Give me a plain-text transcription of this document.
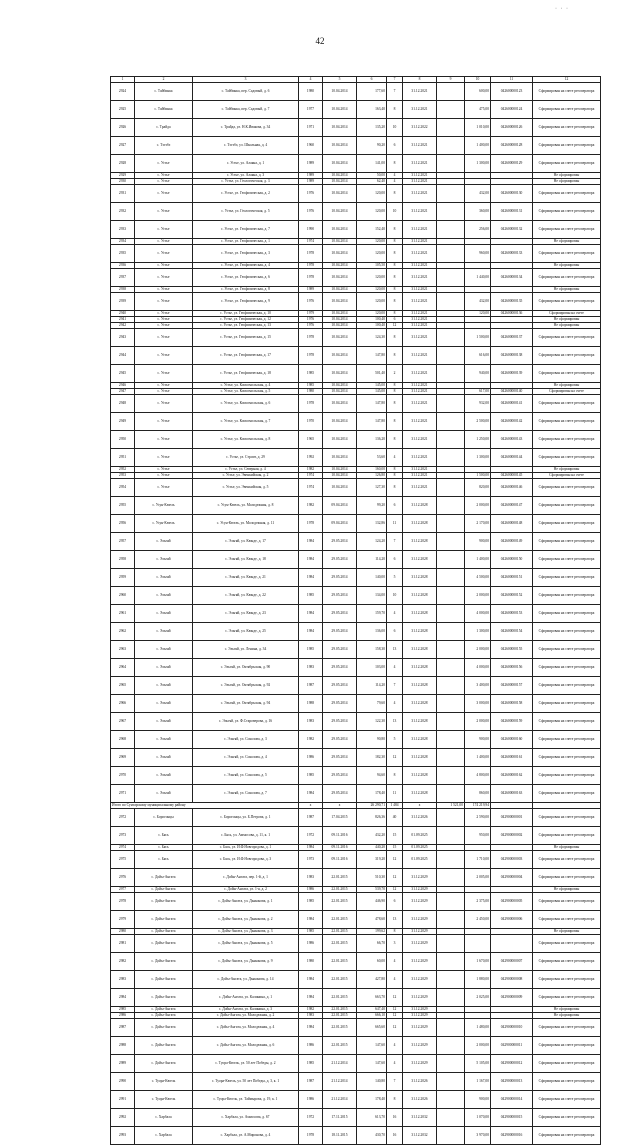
42
· · ·
1	2	3	4	5	6	7	8	9	10	11	12
2924	с. Тайбинка	с. Тайбинка, пер. Садовый, д. 6	1980	10.04.2014	177,60	7	31.12.2021		600,00	042600000123	Сформирован на счете регоператора
2925	с. Тайбинка	с. Тайбинка, пер. Садовый, д. 7	1977	10.04.2014	163,40	8	31.12.2021		475,00	042600000124	Сформирован на счете регоператора
2926	с. Трайда	с. Трайда, ул. Н.К.Ивакова, д. 34	1971	10.04.2014	135,20	10	31.12.2022		1 010,00	042600000126	Сформирован на счете регоператора
2927	с. Тэгэбэ	с. Тэгэбэ, ул. Школьная, д. 4	1960	10.04.2014	90,20	6	31.12.2021		1 400,00	042600000128	Сформирован на счете регоператора
2928	с. Устье	с. Устье, ул. Алаяна, д. 1	1989	10.04.2014	141,00	8	31.12.2021		1 300,00	042600000129	Сформирован на счете регоператора
2929	с. Устье	с. Устье, ул. Алаяна, д. 3	1989	10.04.2014	50,00	4	31.12.2021				Не сформирован
2930	с. Устье	с. Устье, ул. Геологическая, д. 3	1989	10.04.2014	62,40	4	31.12.2021				Не сформирован
2931	с. Устье	с. Устье, ул. Геофизическая, д. 2	1976	10.04.2014	120,00	8	31.12.2021		432,00	042600000130	Сформирован на счете регоператора
2932	с. Устье	с. Устье, ул. Геологическая, д. 5	1976	10.04.2014	120,00	10	31.12.2021		360,00	042600000131	Сформирован на счете регоператора
2933	с. Устье	с. Устье, ул. Геофизическая, д. 7	1990	10.04.2014	152,40	8	31.12.2021		256,00	042600000132	Сформирован на счете регоператора
2934	с. Устье	с. Устье, ул. Геофизическая, д. 1	1974	10.04.2014	120,00	8	31.12.2021				Не сформирован
2935	с. Устье	с. Устье, ул. Геофизическая, д. 3	1978	10.04.2014	120,00	8	31.12.2021		960,00	042600000133	Сформирован на счете регоператора
2936	с. Устье	с. Устье, ул. Геофизическая, д. 4	1978	10.04.2014	105,50	8	31.12.2021				Не сформирован
2937	с. Устье	с. Устье, ул. Геофизическая, д. 6	1978	10.04.2014	120,00	8	31.12.2021		1 440,00	042600000134	Сформирован на счете регоператора
2938	с. Устье	с. Устье, ул. Геофизическая, д. 8	1989	10.04.2014	120,00	8	31.12.2021				Не сформирован
2939	с. Устье	с. Устье, ул. Геофизическая, д. 9	1976	10.04.2014	120,00	8	31.12.2021		432,00	042600000135	Сформирован на счете регоператора
2940	с. Устье	с. Устье, ул. Геофизическая, д. 10	1979	10.04.2014	120,00	8	31.12.2021		120,00	042600000136	Сформирован на счете
2941	с. Устье	с. Устье, ул. Геофизическая, д. 12	1976	10.04.2014	100,40	6	31.12.2021				Не сформирован
2942	с. Устье	с. Устье, ул. Геофизическая, д. 13	1976	10.04.2014	100,40	12	31.12.2021				Не сформирован
2943	с. Устье	с. Устье, ул. Геофизическая, д. 15	1978	10.04.2014	124,30	8	31.12.2021		1 500,00	042600000137	Сформирован на счете регоператора
2944	с. Устье	с. Устье, ул. Геофизическая, д. 17	1978	10.04.2014	147,80	8	31.12.2021		616,00	042600000138	Сформирован на счете регоператора
2945	с. Устье	с. Устье, ул. Геофизическая, д. 18	1985	10.04.2014	501,40	2	31.12.2021		940,00	042600000139	Сформирован на счете регоператора
2946	с. Устье	с. Устье, ул. Комсомольская, д. 4	1985	10.04.2014	145,00	8	31.12.2021				Не сформирован
2947	с. Устье	с. Устье, ул. Комсомольская, д. 5	1980	10.04.2014	145,00	8	31.12.2021		617,00	042600000140	Сформирован на счете
2948	с. Устье	с. Устье, ул. Комсомольская, д. 6	1978	10.04.2014	147,80	8	31.12.2021		932,00	042600000141	Сформирован на счете регоператора
2949	с. Устье	с. Устье, ул. Комсомольская, д. 7	1970	10.04.2014	147,80	8	31.12.2021		2 500,00	042600000142	Сформирован на счете регоператора
2950	с. Устье	с. Устье, ул. Комсомольская, д. 8	1965	10.04.2014	136,20	8	31.12.2021		1 250,00	042600000143	Сформирован на счете регоператора
2951	с. Устье	с. Устье, ул. Строит, д. 29	1992	10.04.2014	53,60	4	31.12.2021		1 300,00	042600000144	Сформирован на счете регоператора
2952	с. Устье	с. Устье, ул. Северная, д. 4	1982	10.04.2014	160,00	8	31.12.2021				Не сформирован
2953	с. Устье	с. Устье, ул. Эвенкийская, д. 2	1974	10.04.2014	126,80	8	31.12.2021		1 500,00	042600000145	Сформирован на счете
2954	с. Устье	с. Устье, ул. Эвенкийская, д. 5	1974	10.04.2014	127,30	8	31.12.2021		820,00	042600000146	Сформирован на счете регоператора
2955	с. Усун-Кюель	с. Усун-Кюель, ул. Молодежная, д. 8	1982	09.04.2014	99,20	6	31.12.2028		2 000,00	042600000147	Сформирован на счете регоператора
2956	с. Усун-Кюель	с. Усун-Кюель, ул. Молодежная, д. 11	1978	09.04.2014	132,86	11	31.12.2028		2 170,00	042600000148	Сформирован на счете регоператора
2957	с. Эльгяй	с. Эльгяй, ул. Кюнде, д. 17	1984	29.05.2014	124,20	7	31.12.2028		900,00	042600000149	Сформирован на счете регоператора
2958	с. Эльгяй	с. Эльгяй, ул. Кюнде, д. 18	1984	29.05.2014	114,20	6	31.12.2028		1 400,00	042600000150	Сформирован на счете регоператора
2959	с. Эльгяй	с. Эльгяй, ул. Кюнде, д. 21	1984	29.05.2014	140,00	5	31.12.2028		4 500,00	042600000151	Сформирован на счете регоператора
2960	с. Эльгяй	с. Эльгяй, ул. Кюнде, д. 22	1985	29.05.2014	134,00	10	31.12.2028		2 000,00	042600000152	Сформирован на счете регоператора
2961	с. Эльгяй	с. Эльгяй, ул. Кюнде, д. 23	1984	29.05.2014	159,70	4	31.12.2028		4 000,00	042600000153	Сформирован на счете регоператора
2962	с. Эльгяй	с. Эльгяй, ул. Кюнде, д. 25	1984	29.05.2014	136,00	6	31.12.2028		1 300,00	042600000154	Сформирован на счете регоператора
2963	с. Эльгяй	с. Эльгяй, ул. Ленина, д. 34	1985	29.05.2014	158,30	13	31.12.2028		2 000,00	042600000155	Сформирован на счете регоператора
2964	с. Эльгяй	с. Эльгяй, ул. Октябрьская, д. 90	1983	29.05.2014	103,00	4	31.12.2028		4 000,00	042600000156	Сформирован на счете регоператора
2965	с. Эльгяй	с. Эльгяй, ул. Октябрьская, д. 92	1987	29.05.2014	114,20	7	31.12.2028		3 400,00	042600000157	Сформирован на счете регоператора
2966	с. Эльгяй	с. Эльгяй, ул. Октябрьская, д. 94	1988	29.05.2014	79,60	4	31.12.2028		3 000,00	042600000158	Сформирован на счете регоператора
2967	с. Эльгяй	с. Эльгяй, ул. Ф.Староверова, д. 16	1983	29.05.2014	122,30	13	31.12.2028		2 000,00	042600000159	Сформирован на счете регоператора
2968	с. Эльгяй	с. Эльгяй, ул. Соколова, д. 3	1982	29.05.2014	90,80	5	31.12.2028		900,00	042600000160	Сформирован на счете регоператора
2969	с. Эльгяй	с. Эльгяй, ул. Соколова, д. 4	1986	29.05.2014	182,30	12	31.12.2028		1 400,00	042600000161	Сформирован на счете регоператора
2970	с. Эльгяй	с. Эльгяй, ул. Соколова, д. 5	1985	29.05.2014	94,60	8	31.12.2028		4 800,00	042600000162	Сформирован на счете регоператора
2971	с. Эльгяй	с. Эльгяй, ул. Соколова, д. 7	1984	29.05.2014	178,40	11	31.12.2028		860,00	042600000163	Сформирован на счете регоператора
Итого по Сунтарскому муниципальному району			x	x	26 290,71	1 484	x	1 521,00	174 219,94		
2972	с. Борогонцы	с. Борогонцы, ул. Б.Петрова, д. 1	1987	17.04.2015	826,36	40	31.12.2026		2 590,00	042900000001	Сформирован на счете регоператора
2973	с. Бясь	с. Бясь, ул. Аммосова, д. 11, к. 1	1972	09.11.2016	432,20	15	01.09.2025		950,00	042900000002	Сформирован на счете регоператора
2974	с. Бясь	с. Бясь, ул. И.Ф.Новгородова, д. 1	1984	09.11.2016	440,20	15	01.09.2025				Не сформирован
2975	с. Бясь	с. Бясь, ул. И.Ф.Новгородова, д. 3	1973	09.11.2016	319,20	12	01.09.2025		1 710,00	042900000003	Сформирован на счете регоператора
2976	с. Дойы-Ангата	с. Дойы-Ангата, пер. 1-й, д. 1	1983	22.01.2015	510,30	12	31.12.2029		2 005,00	042900000004	Сформирован на счете регоператора
2977	с. Дойы-Ангата	с. Дойы-Ангата, ул. 1-я, д. 2	1986	22.01.2015	539,70	12	31.12.2029				Не сформирован
2978	с. Дойы-Ангата	с. Дойы-Ангата, ул. Дьяконова, д. 1	1985	22.01.2015	446,90	6	31.12.2029		2 375,00	042900000005	Сформирован на счете регоператора
2979	с. Дойы-Ангата	с. Дойы-Ангата, ул. Дьяконова, д. 2	1984	22.01.2015	478,60	13	31.12.2029		2 450,00	042900000006	Сформирован на счете регоператора
2980	с. Дойы-Ангата	с. Дойы-Ангата, ул. Дьяконова, д. 3	1985	22.01.2015	199,62	8	31.12.2029				Не сформирован
2981	с. Дойы-Ангата	с. Дойы-Ангата, ул. Дьяконова, д. 5	1986	22.01.2015	66,70	3	31.12.2029				Сформирован на счете регоператора
2982	с. Дойы-Ангата	с. Дойы-Ангата, ул. Дьяконова, д. 9	1980	22.01.2015	60,00	4	31.12.2029		1 670,00	042900000007	Сформирован на счете регоператора
2983	с. Дойы-Ангата	с. Дойы-Ангата, ул. Дьяконова, д. 14	1984	22.01.2015	427,80	4	31.12.2029		1 880,00	042900000008	Сформирован на счете регоператора
2984	с. Дойы-Ангата	с. Дойы-Ангата, ул. Калинина, д. 1	1984	22.01.2015	663,70	12	31.12.2029		2 025,00	042900000009	Сформирован на счете регоператора
2985	с. Дойы-Ангата	с. Дойы-Ангата, ул. Калинина, д. 3	1982	22.01.2015	647,40	12	31.12.2029				Не сформирован
2986	с. Дойы-Ангата	с. Дойы-Ангата, ул. Молодежная, д. 2	1983	22.01.2015	666,10	12	31.12.2029				Не сформирован
2987	с. Дойы-Ангата	с. Дойы-Ангата, ул. Молодежная, д. 4	1984	22.01.2015	665,60	12	31.12.2029		1 480,00	042900000010	Сформирован на счете регоператора
2988	с. Дойы-Ангата	с. Дойы-Ангата, ул. Молодежная, д. 6	1986	22.01.2015	147,60	4	31.12.2029		2 000,00	042900000011	Сформирован на счете регоператора
2989	с. Дойы-Ангата	с. Туора-Кюель, ул. 50 лет Победы, д. 2	1985	21.12.2014	147,60	4	31.12.2029		5 105,00	042900000012	Сформирован на счете регоператора
2990	с. Туора-Кюель	с. Туора-Кюель, ул. 50 лет Победы, д. 3, к. 1	1987	21.12.2014	140,80	7	31.12.2026		1 167,00	042900000013	Сформирован на счете регоператора
2991	с. Туора-Кюель	с. Туора-Кюель, ул. Таймырова, д. 19, к. 1	1986	21.12.2014	178,40	8	31.12.2026		900,00	042900000014	Сформирован на счете регоператора
2992	с. Харбала	с. Харбала, ул. Аммосова, д. 67	1972	17.11.2015	613,70	16	31.12.2032		1 070,00	042900000015	Сформирован на счете регоператора
2993	с. Харбала	с. Харбала, ул. А.Миронова, д. 4	1978	18.11.2015	430,70	16	31.12.2032		3 970,00	042900000016	Сформирован на счете регоператора
